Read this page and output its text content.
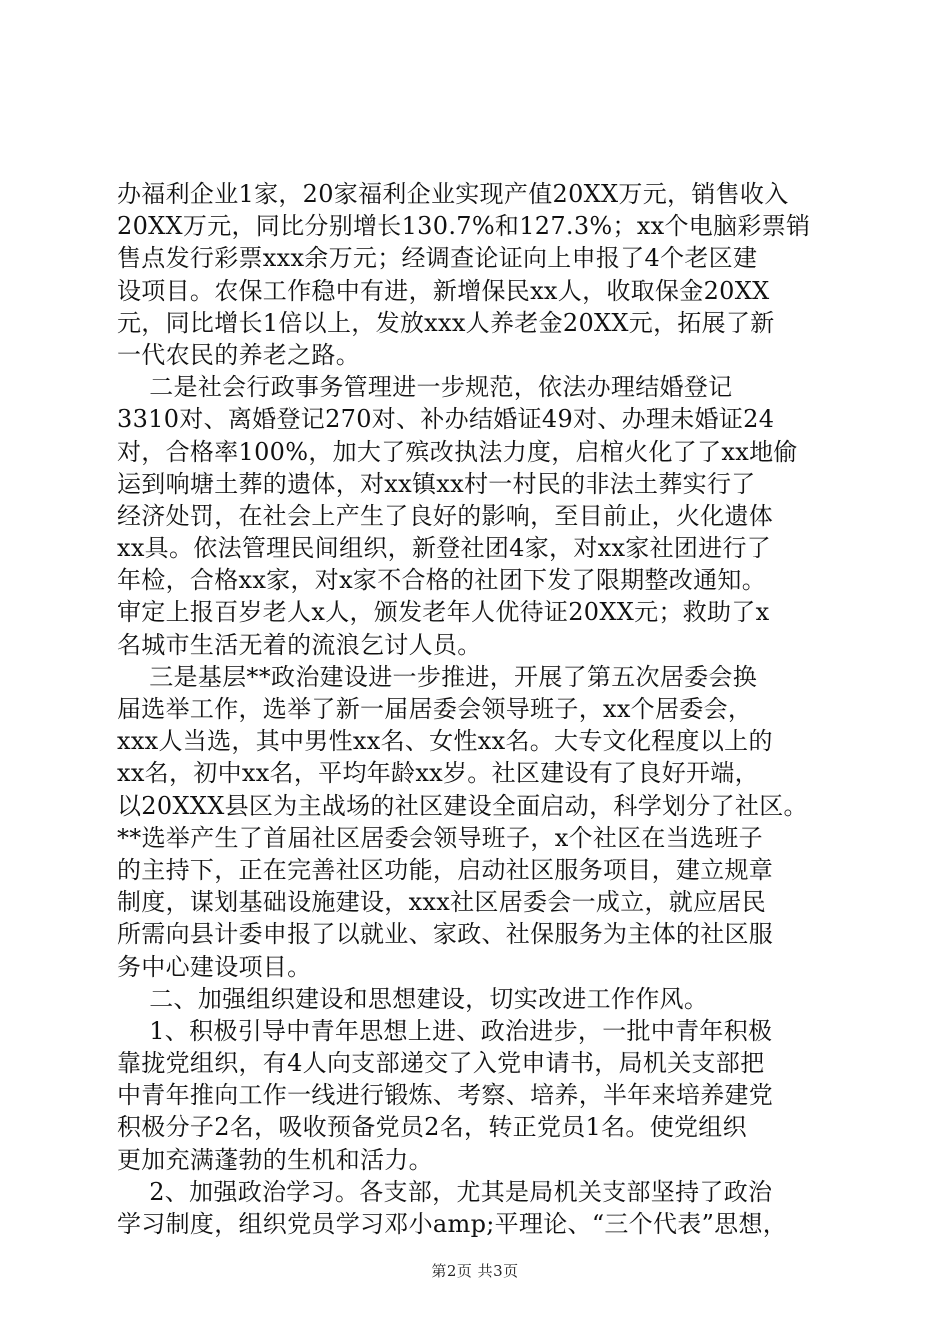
办福利企业1家，20家福利企业实现产值20XX万元，销售收入
20XX万元，同比分别增长130.7%和127.3%；xx个电脑彩票销
售点发行彩票xxx余万元；经调查论证向上申报了4个老区建
设项目。农保工作稳中有进，新增保民xx人，收取保金20XX
元，同比增长1倍以上，发放xxx人养老金20XX元，拓展了新
一代农民的养老之路。
　 二是社会行政事务管理进一步规范，依法办理结婚登记
3310对、离婚登记270对、补办结婚证49对、办理未婚证24
对，合格率100%，加大了殡改执法力度，启棺火化了了xx地偷
运到响塘土葬的遗体，对xx镇xx村一村民的非法土葬实行了
经济处罚，在社会上产生了良好的影响，至目前止，火化遗体
xx具。依法管理民间组织，新登社团4家，对xx家社团进行了
年检，合格xx家，对x家不合格的社团下发了限期整改通知。
审定上报百岁老人x人，颁发老年人优待证20XX元；救助了x
名城市生活无着的流浪乞讨人员。
　 三是基层**政治建设进一步推进，开展了第五次居委会换
届选举工作，选举了新一届居委会领导班子，xx个居委会，
xxx人当选，其中男性xx名、女性xx名。大专文化程度以上的
xx名，初中xx名，平均年龄xx岁。社区建设有了良好开端，
以20XXX县区为主战场的社区建设全面启动，科学划分了社区。
**选举产生了首届社区居委会领导班子，x个社区在当选班子
的主持下，正在完善社区功能，启动社区服务项目，建立规章
制度，谋划基础设施建设，xxx社区居委会一成立，就应居民
所需向县计委申报了以就业、家政、社保服务为主体的社区服
务中心建设项目。
　 二、加强组织建设和思想建设，切实改进工作作风。
　 1、积极引导中青年思想上进、政治进步，一批中青年积极
靠拢党组织，有4人向支部递交了入党申请书，局机关支部把
中青年推向工作一线进行锻炼、考察、培养，半年来培养建党
积极分子2名，吸收预备党员2名，转正党员1名。使党组织
更加充满蓬勃的生机和活力。
　 2、加强政治学习。各支部，尤其是局机关支部坚持了政治
学习制度，组织党员学习邓小amp;平理论、“三个代表”思想，
第2页 共3页
